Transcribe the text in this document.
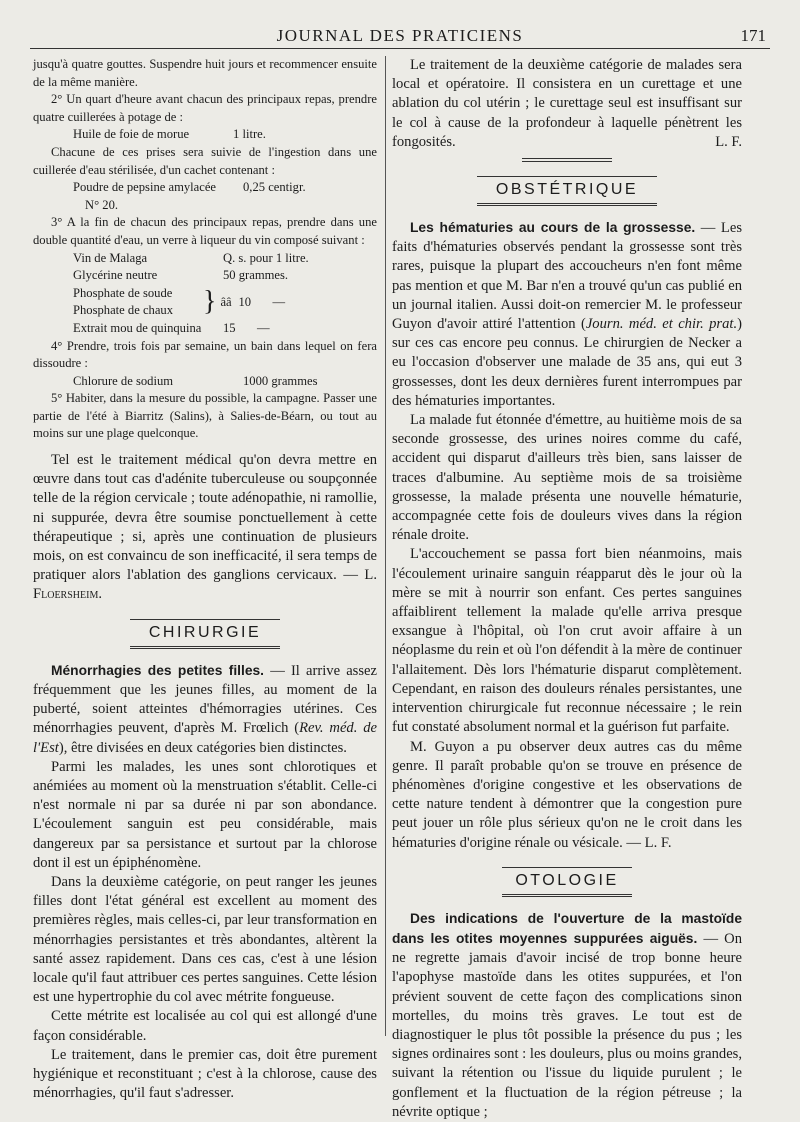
JOURNAL DES PRATICIENS	171

jusqu'à quatre gouttes. Suspendre huit jours et recommencer ensuite de la même manière.

2° Un quart d'heure avant chacun des principaux repas, prendre quatre cuillerées à potage de :

Huile de foie de morue	1 litre.

Chacune de ces prises sera suivie de l'ingestion dans une cuillerée d'eau stérilisée, d'un cachet contenant :

Poudre de pepsine amylacée	0,25 centigr.
N° 20.

3° A la fin de chacun des principaux repas, prendre dans une double quantité d'eau, un verre à liqueur du vin composé suivant :

Vin de Malaga	Q. s. pour 1 litre.
Glycérine neutre	50 grammes.
Phosphate de soude
Phosphate de chaux	} ââ 10	—
Extrait mou de quinquina	15	—

4° Prendre, trois fois par semaine, un bain dans lequel on fera dissoudre :

Chlorure de sodium	1000 grammes

5° Habiter, dans la mesure du possible, la campagne. Passer une partie de l'été à Biarritz (Salins), à Salies-de-Béarn, ou tout au moins sur une plage quelconque.

Tel est le traitement médical qu'on devra mettre en œuvre dans tout cas d'adénite tuberculeuse ou soupçonnée telle de la région cervicale ; toute adénopathie, ni ramollie, ni suppurée, devra être soumise ponctuellement à cette thérapeutique ; si, après une continuation de plusieurs mois, on est convaincu de son inefficacité, il sera temps de pratiquer alors l'ablation des ganglions cervicaux. — L. Floersheim.

CHIRURGIE

Ménorrhagies des petites filles. — Il arrive assez fréquemment que les jeunes filles, au moment de la puberté, soient atteintes d'hémorragies utérines. Ces ménorrhagies peuvent, d'après M. Frœlich (Rev. méd. de l'Est), être divisées en deux catégories bien distinctes.

Parmi les malades, les unes sont chlorotiques et anémiées au moment où la menstruation s'établit. Celle-ci n'est normale ni par sa durée ni par son abondance. L'écoulement sanguin est peu considérable, mais dangereux par sa persistance et surtout par la chlorose dont il est un épiphénomène.

Dans la deuxième catégorie, on peut ranger les jeunes filles dont l'état général est excellent au moment des premières règles, mais celles-ci, par leur transformation en ménorrhagies persistantes et très abondantes, altèrent la santé assez rapidement. Dans ces cas, c'est à une lésion locale qu'il faut attribuer ces pertes sanguines. Cette lésion est une hypertrophie du col avec métrite fongueuse.

Cette métrite est localisée au col qui est allongé d'une façon considérable.

Le traitement, dans le premier cas, doit être purement hygiénique et reconstituant ; c'est à la chlorose, cause des ménorrhagies, qu'il faut s'adresser.

Le traitement de la deuxième catégorie de malades sera local et opératoire. Il consistera en un curettage et une ablation du col utérin ; le curettage seul est insuffisant sur le col à cause de la profondeur à laquelle pénètrent les fongosités.	L. F.

OBSTÉTRIQUE

Les hématuries au cours de la grossesse. — Les faits d'hématuries observés pendant la grossesse sont très rares, puisque la plupart des accoucheurs n'en font même pas mention et que M. Bar n'en a trouvé qu'un cas publié en un journal italien. Aussi doit-on remercier M. le professeur Guyon d'avoir attiré l'attention (Journ. méd. et chir. prat.) sur ces cas encore peu connus. Le chirurgien de Necker a eu l'occasion d'observer une malade de 35 ans, qui eut 3 grossesses, dont les deux dernières furent interrompues par des hématuries importantes.

La malade fut étonnée d'émettre, au huitième mois de sa seconde grossesse, des urines noires comme du café, accident qui disparut d'ailleurs très bien, sans laisser de traces d'albumine. Au septième mois de sa troisième grossesse, la malade présenta une nouvelle hématurie, accompagnée cette fois de douleurs vives dans la région rénale droite.

L'accouchement se passa fort bien néanmoins, mais l'écoulement urinaire sanguin réapparut dès le jour où la mère se mit à nourrir son enfant. Ces pertes sanguines affaiblirent tellement la malade qu'elle arriva presque exsangue à l'hôpital, où l'on crut avoir affaire à un néoplasme du rein et où l'on défendit à la mère de continuer l'allaitement. Dès lors l'hématurie disparut complètement. Cependant, en raison des douleurs rénales persistantes, une intervention chirurgicale fut reconnue nécessaire ; le rein fut constaté absolument normal et la guérison fut parfaite.

M. Guyon a pu observer deux autres cas du même genre. Il paraît probable qu'on se trouve en présence de phénomènes d'origine congestive et les observations de cette nature tendent à démontrer que la congestion pure peut jouer un rôle plus sérieux qu'on ne le croit dans les hématuries d'origine rénale ou vésicale. — L. F.

OTOLOGIE

Des indications de l'ouverture de la mastoïde dans les otites moyennes suppurées aiguës. — On ne regrette jamais d'avoir incisé de trop bonne heure l'apophyse mastoïde dans les otites suppurées, et l'on prévient souvent de cette façon des complications sinon mortelles, du moins très graves. Le tout est de diagnostiquer le plus tôt possible la présence du pus ; les signes ordinaires sont : les douleurs, plus ou moins grandes, suivant la rétention ou l'issue du liquide purulent ; le gonflement et la fluctuation de la région pétreuse ; la névrite optique ;
